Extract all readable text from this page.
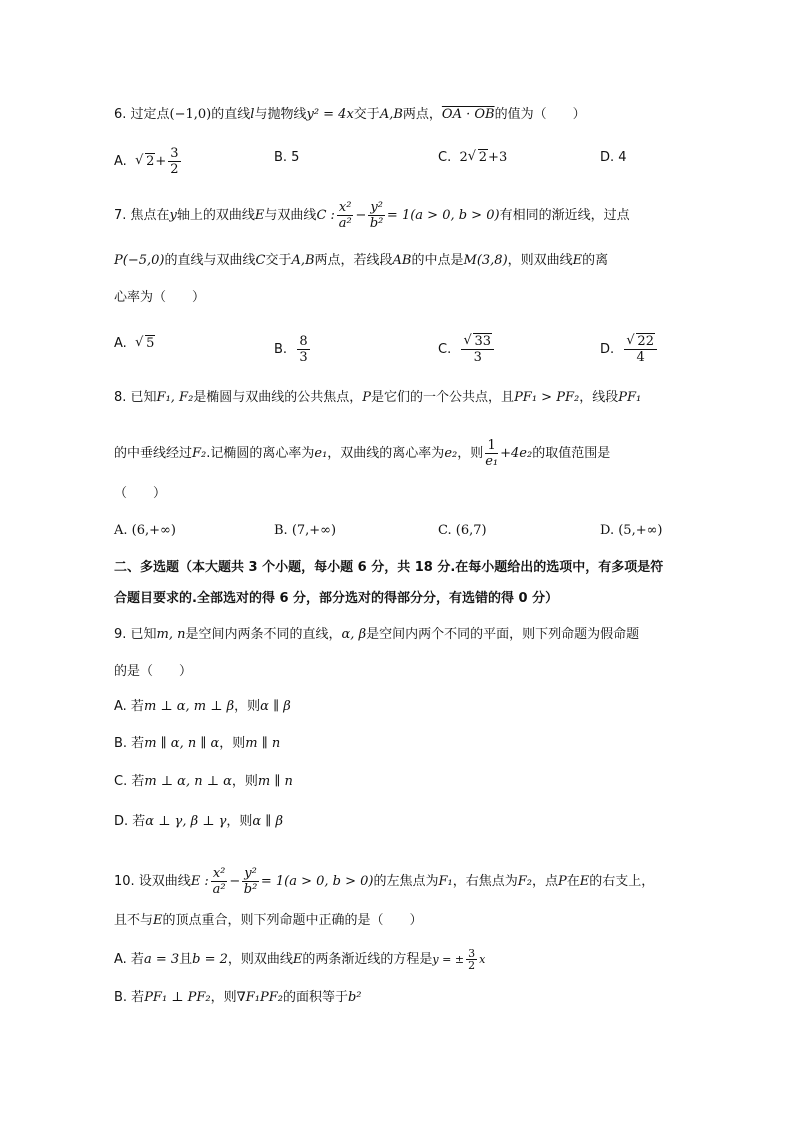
6. 过定点(−1,0)的直线l与抛物线y² = 4x交于A,B两点，OA · OB的值为（　　）
A. √ $2+ \frac{3}{2}$	B. 5	C. 2 √ 2+3	D. 4
7. 焦点在y轴上的双曲线E与双曲线C : $\frac{\text{x²}}{\text{a²}} - \frac{\text{y²}}{\text{b²}} = 1(a > 0$, b > 0)有相同的渐近线，过点
P(−5,0)的直线与双曲线C交于A,B两点，若线段AB的中点是M(3,8)，则双曲线E的离
心率为（　　）
A. √ 5	B. $\frac{8}{3}$	C. √ $\frac{33}{3}$	D. √ $\frac{22}{4}$
8. 已知F₁, F₂是椭圆与双曲线的公共焦点，P是它们的一个公共点，且PF₁ > PF₂，线段PF₁
的中垂线经过F₂.记椭圆的离心率为e₁，双曲线的离心率为e₂，则 $\frac{1}{\text{e₁}} +4e_2$的取值范围是
（　　）
A. (6,+∞)	B. (7,+∞)	C. (6,7)	D. (5,+∞)
二、多选题（本大题共 3 个小题，每小题 6 分，共 18 分.在每小题给出的选项中，有多项是符
合题目要求的.全部选对的得 6 分，部分选对的得部分分，有选错的得 0 分）
9. 已知m, n是空间内两条不同的直线，α, β是空间内两个不同的平面，则下列命题为假命题
的是（　　）
A. 若m ⊥ α, m ⊥ β，则α ∥ β
B. 若m ∥ α, n ∥ α，则m ∥ n
C. 若m ⊥ α, n ⊥ α，则m ∥ n
D. 若α ⊥ γ, β ⊥ γ，则α ∥ β
10. 设双曲线E : $\frac{\text{x²}}{\text{a²}} - \frac{\text{y²}}{\text{b²}} = 1(a > 0$, b > 0)的左焦点为F₁，右焦点为F₂，点P在E的右支上，
且不与E的顶点重合，则下列命题中正确的是（　　）
A. 若a = 3且b = 2，则双曲线E的两条渐近线的方程是y = ± $\frac{3}{2}$ x
B. 若PF₁ ⊥ PF₂，则∇F₁PF₂的面积等于b²
